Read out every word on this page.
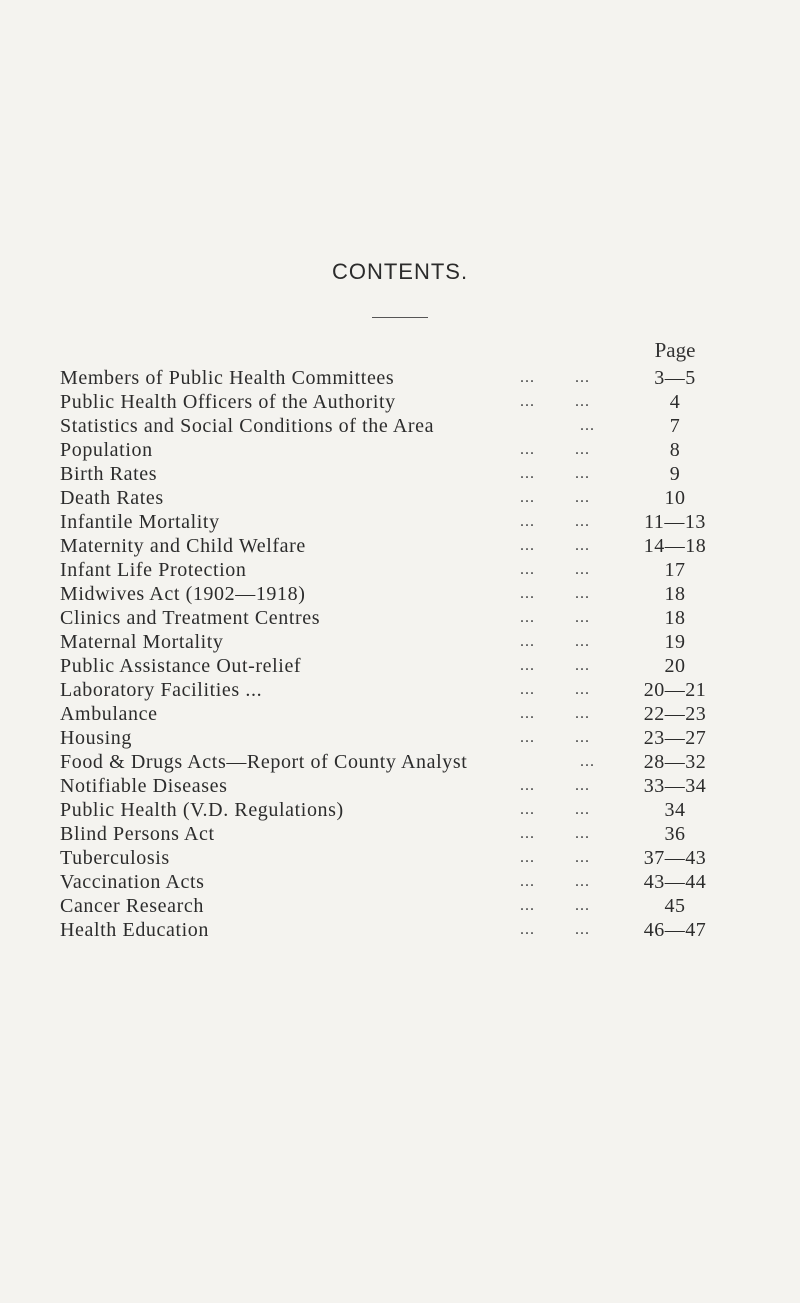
CONTENTS.
Page
Members of Public Health Committees	...        ...	3—5
Public Health Officers of the Authority	...        ...	4
Statistics and Social Conditions of the Area	...	7
Population	...        ...	8
Birth Rates	...        ...	9
Death Rates	...        ...	10
Infantile Mortality	...        ...	11—13
Maternity and Child Welfare	...        ...	14—18
Infant Life Protection	...        ...	17
Midwives Act (1902—1918)	...        ...	18
Clinics and Treatment Centres	...        ...	18
Maternal Mortality	...        ...	19
Public Assistance Out-relief	...        ...	20
Laboratory Facilities ...	...        ...	20—21
Ambulance	...        ...	22—23
Housing	...        ...	23—27
Food & Drugs Acts—Report of County Analyst	...	28—32
Notifiable Diseases	...        ...	33—34
Public Health (V.D. Regulations)	...        ...	34
Blind Persons Act	...        ...	36
Tuberculosis	...        ...	37—43
Vaccination Acts	...        ...	43—44
Cancer Research	...        ...	45
Health Education	...        ...	46—47
